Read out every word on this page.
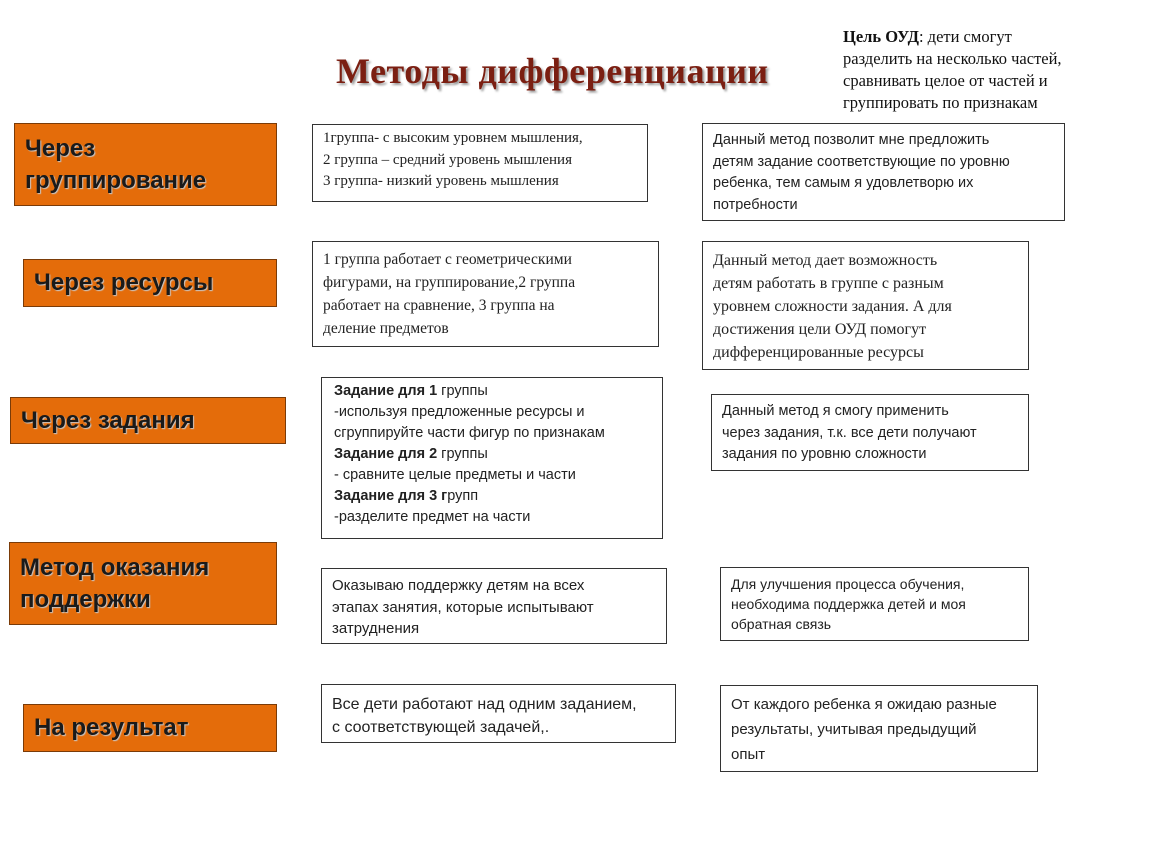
Методы дифференциации
Цель ОУД: дети смогут
разделить на несколько частей,
сравнивать целое от частей и
группировать по признакам
Через
группирование
Через ресурсы
Через задания
Метод оказания
поддержки
На результат
1группа- с высоким уровнем мышления,
2 группа – средний уровень мышления
3 группа- низкий уровень мышления
1 группа работает с геометрическими
фигурами, на группирование,2 группа
работает на сравнение, 3 группа на
деление предметов
Задание для 1 группы
-используя предложенные ресурсы и
сгруппируйте части фигур по признакам
Задание для 2 группы
- сравните целые предметы и части
Задание для 3 групп
-разделите предмет на части
Оказываю поддержку детям на всех
этапах занятия, которые испытывают
затруднения
Все дети работают над одним заданием,
с соответствующей задачей,.
Данный метод позволит мне предложить
детям задание соответствующие по уровню
ребенка, тем самым я удовлетворю их
потребности
Данный метод дает возможность
детям работать в группе с разным
уровнем сложности задания. А для
достижения цели ОУД помогут
дифференцированные ресурсы
Данный метод я смогу применить
через задания, т.к. все дети получают
задания по уровню сложности
Для улучшения процесса обучения,
необходима поддержка детей и моя
обратная связь
От каждого ребенка я ожидаю разные
результаты, учитывая предыдущий
опыт
